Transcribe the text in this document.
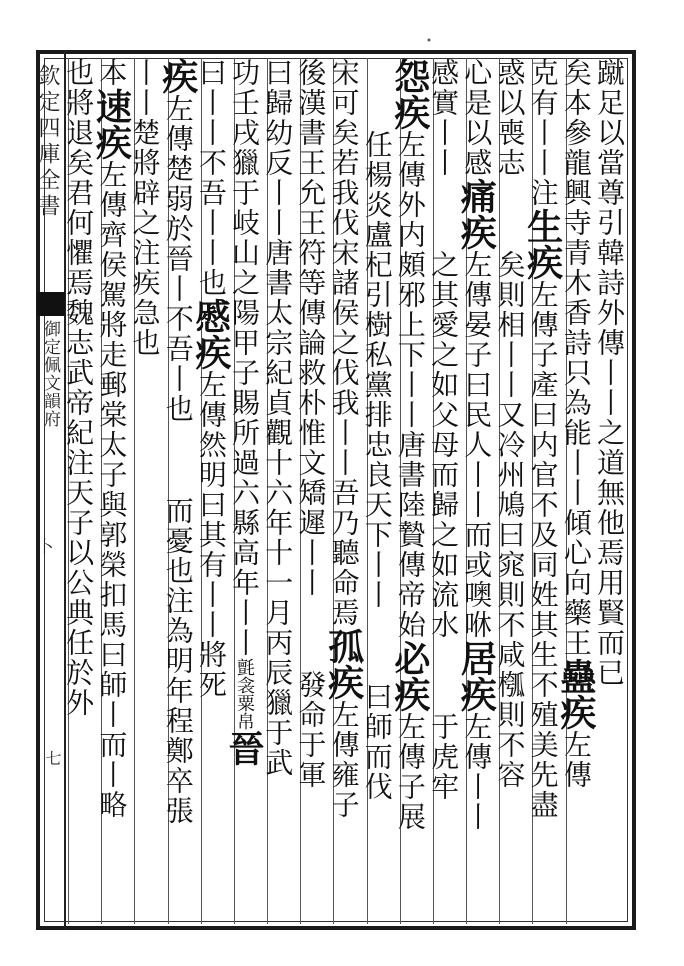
欽定四庫全書
御定佩文韻府
卜
七
•
蹴足以當尊引韓詩外傳丨丨之道無他焉用賢而已
矣本參龍興寺青木香詩只為能丨丨傾心向藥王蠱疾左傳
克有丨丨注生疾左傳子產曰内官不及同姓其生不殖美先盡
惑以喪志矣則相丨丨又冷州鳩曰窕則不咸槬則不容
心是以感痛疾左傳晏子曰民人丨丨而或噢咻居疾左傳丨丨
感實丨丨之其愛之如父母而歸之如流水于虎牢
怨疾左傳外内頗邪上下丨丨唐書陸贄傳帝始必疾左傳子展
任楊炎盧杞引樹私黨排忠良天下丨丨曰師而伐
宋可矣若我伐宋諸侯之伐我丨丨吾乃聽命焉孤疾左傳雍子
後漢書王允王符等傳論救朴惟文矯遲丨丨發命于軍
曰歸幼反丨丨唐書太宗紀貞觀十六年十一月丙辰獵于武
功壬戌獵于岐山之陽甲子賜所過六縣高年丨丨氈衾粟帛晉
曰丨丨不吾丨丨也慼疾左傳然明曰其有丨丨將死
疾左傳楚弱於晉丨不吾丨也而憂也注為明年程鄭卒張
丨丨楚將辟之注疾急也
本速疾左傳齊侯駕將走郵棠太子與郭榮扣馬曰師丨而丨略
也將退矣君何懼焉魏志武帝紀注天子以公典任於外
